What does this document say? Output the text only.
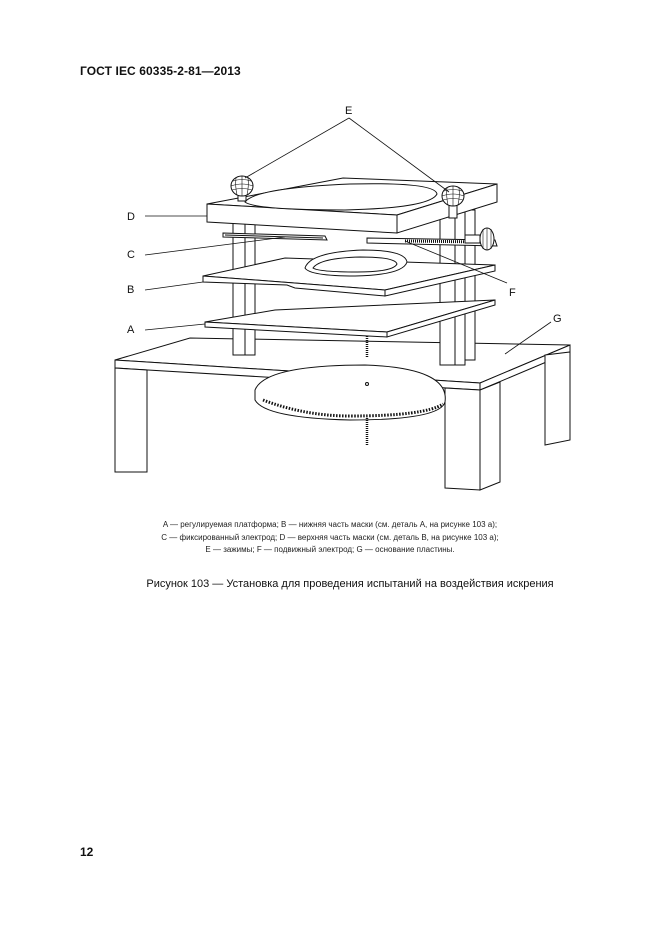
ГОСТ IEC 60335-2-81—2013
E
D
C
B
A
F
G
A — регулируемая платформа; B — нижняя часть маски (см. деталь А, на рисунке 103 а);
C — фиксированный электрод; D — верхняя часть маски (см. деталь В, на рисунке 103 а);
E — зажимы; F — подвижный электрод; G — основание пластины.
Рисунок 103 — Установка для проведения испытаний на воздействия искрения
12
